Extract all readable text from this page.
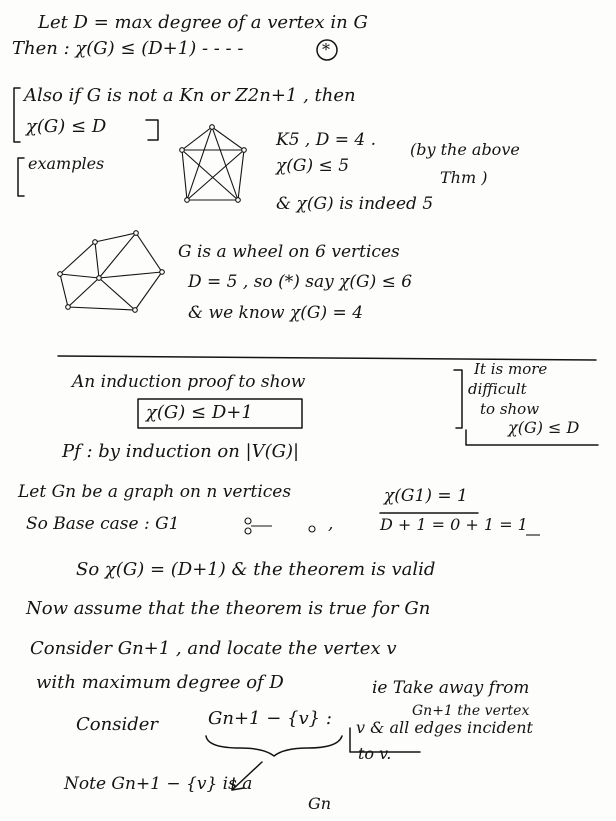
Let D = max degree of a vertex in G
Then : χ(G) ≤ (D+1) - - - -	*
Also if G is not a Kn or Z2n+1 , then
χ(G) ≤ D
examples
K5 , D = 4 .
χ(G) ≤ 5
(by the above
Thm )
& χ(G) is indeed 5
G is a wheel on 6 vertices
D = 5 , so (*) say χ(G) ≤ 6
& we know χ(G) = 4
An induction proof to show
χ(G) ≤ D+1
It is more
difficult
to show
χ(G) ≤ D
Pf : by induction on |V(G)|
Let Gn be a graph on n vertices
So Base case : G1	,
χ(G1) = 1
D + 1 = 0 + 1 = 1
So χ(G) = (D+1) & the theorem is valid
Now assume that the theorem is true for Gn
Consider Gn+1 , and locate the vertex v
with maximum degree of D
Consider	Gn+1 − {v} :
ie Take away from
Gn+1 the vertex
v & all edges incident
to v.
Note Gn+1 − {v} is a
Gn
